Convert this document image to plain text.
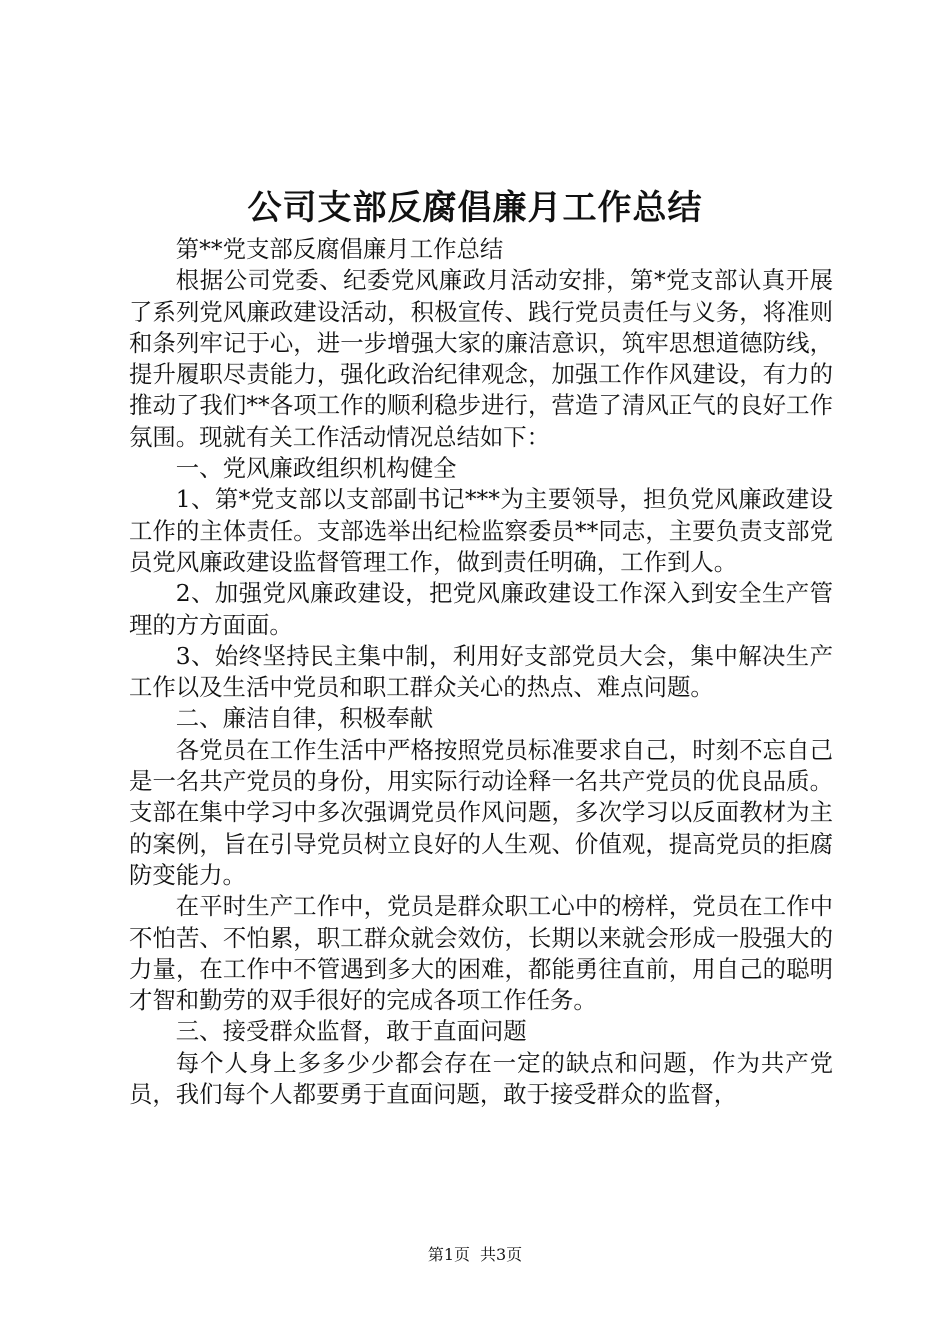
公司支部反腐倡廉月工作总结

第**党支部反腐倡廉月工作总结

根据公司党委、纪委党风廉政月活动安排，第*党支部认真开展了系列党风廉政建设活动，积极宣传、践行党员责任与义务，将准则和条列牢记于心，进一步增强大家的廉洁意识，筑牢思想道德防线，提升履职尽责能力，强化政治纪律观念，加强工作作风建设，有力的推动了我们**各项工作的顺利稳步进行，营造了清风正气的良好工作氛围。现就有关工作活动情况总结如下：

一、党风廉政组织机构健全

1、第*党支部以支部副书记***为主要领导，担负党风廉政建设工作的主体责任。支部选举出纪检监察委员**同志，主要负责支部党员党风廉政建设监督管理工作，做到责任明确，工作到人。

2、加强党风廉政建设，把党风廉政建设工作深入到安全生产管理的方方面面。

3、始终坚持民主集中制，利用好支部党员大会，集中解决生产工作以及生活中党员和职工群众关心的热点、难点问题。

二、廉洁自律，积极奉献

各党员在工作生活中严格按照党员标准要求自己，时刻不忘自己是一名共产党员的身份，用实际行动诠释一名共产党员的优良品质。支部在集中学习中多次强调党员作风问题，多次学习以反面教材为主的案例，旨在引导党员树立良好的人生观、价值观，提高党员的拒腐防变能力。

在平时生产工作中，党员是群众职工心中的榜样，党员在工作中不怕苦、不怕累，职工群众就会效仿，长期以来就会形成一股强大的力量，在工作中不管遇到多大的困难，都能勇往直前，用自己的聪明才智和勤劳的双手很好的完成各项工作任务。

三、接受群众监督，敢于直面问题

每个人身上多多少少都会存在一定的缺点和问题，作为共产党员，我们每个人都要勇于直面问题，敢于接受群众的监督，

第1页 共3页
